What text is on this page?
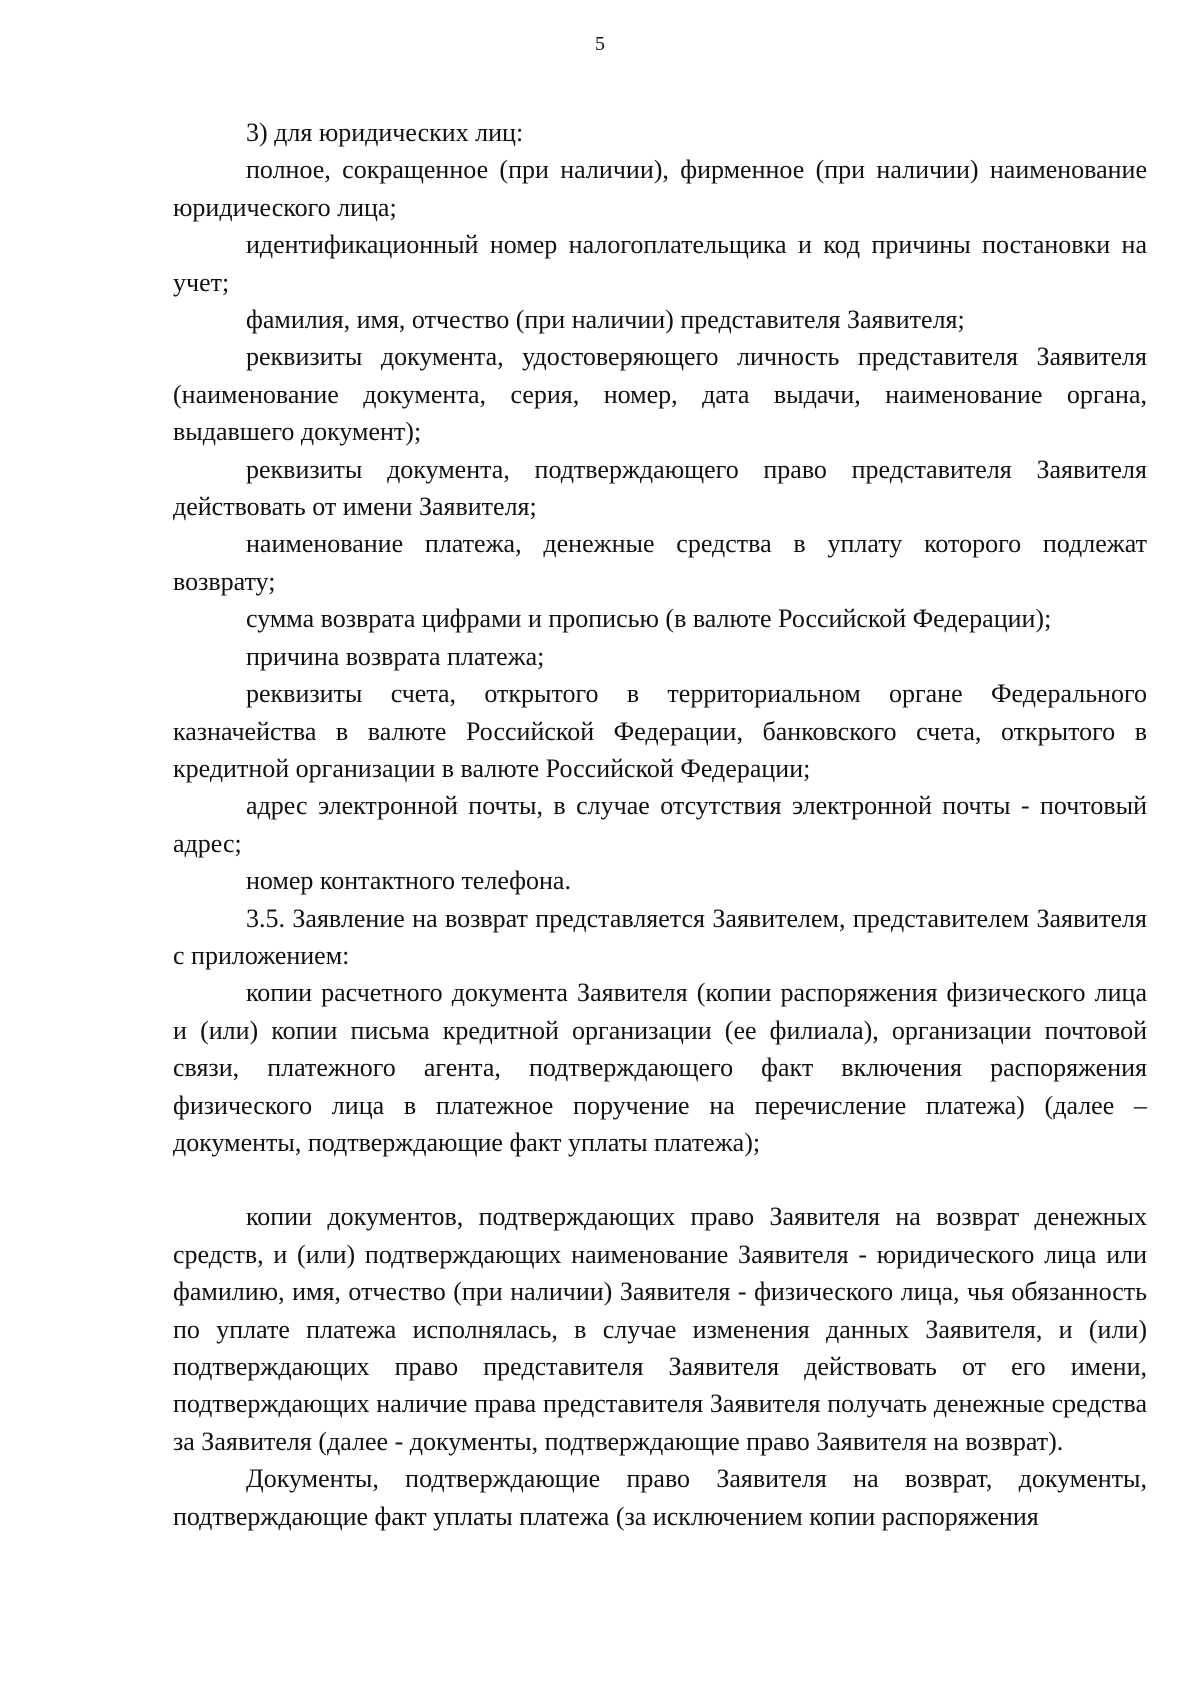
5

3) для юридических лиц:

полное, сокращенное (при наличии), фирменное (при наличии) наименование юридического лица;

идентификационный номер налогоплательщика и код причины постановки на учет;

фамилия, имя, отчество (при наличии) представителя Заявителя;

реквизиты документа, удостоверяющего личность представителя Заявителя (наименование документа, серия, номер, дата выдачи, наименование органа, выдавшего документ);

реквизиты документа, подтверждающего право представителя Заявителя действовать от имени Заявителя;

наименование платежа, денежные средства в уплату которого подлежат возврату;

сумма возврата цифрами и прописью (в валюте Российской Федерации);

причина возврата платежа;

реквизиты счета, открытого в территориальном органе Федерального казначейства в валюте Российской Федерации, банковского счета, открытого в кредитной организации в валюте Российской Федерации;

адрес электронной почты, в случае отсутствия электронной почты - почтовый адрес;

номер контактного телефона.

3.5. Заявление на возврат представляется Заявителем, представителем Заявителя с приложением:

копии расчетного документа Заявителя (копии распоряжения физического лица и (или) копии письма кредитной организации (ее филиала), организации почтовой связи, платежного агента, подтверждающего факт включения распоряжения физического лица в платежное поручение на перечисление платежа) (далее – документы, подтверждающие факт уплаты платежа);

копии документов, подтверждающих право Заявителя на возврат денежных средств, и (или) подтверждающих наименование Заявителя - юридического лица или фамилию, имя, отчество (при наличии) Заявителя - физического лица, чья обязанность по уплате платежа исполнялась, в случае изменения данных Заявителя, и (или) подтверждающих право представителя Заявителя действовать от его имени, подтверждающих наличие права представителя Заявителя получать денежные средства за Заявителя (далее - документы, подтверждающие право Заявителя на возврат).

Документы, подтверждающие право Заявителя на возврат, документы, подтверждающие факт уплаты платежа (за исключением копии распоряжения
